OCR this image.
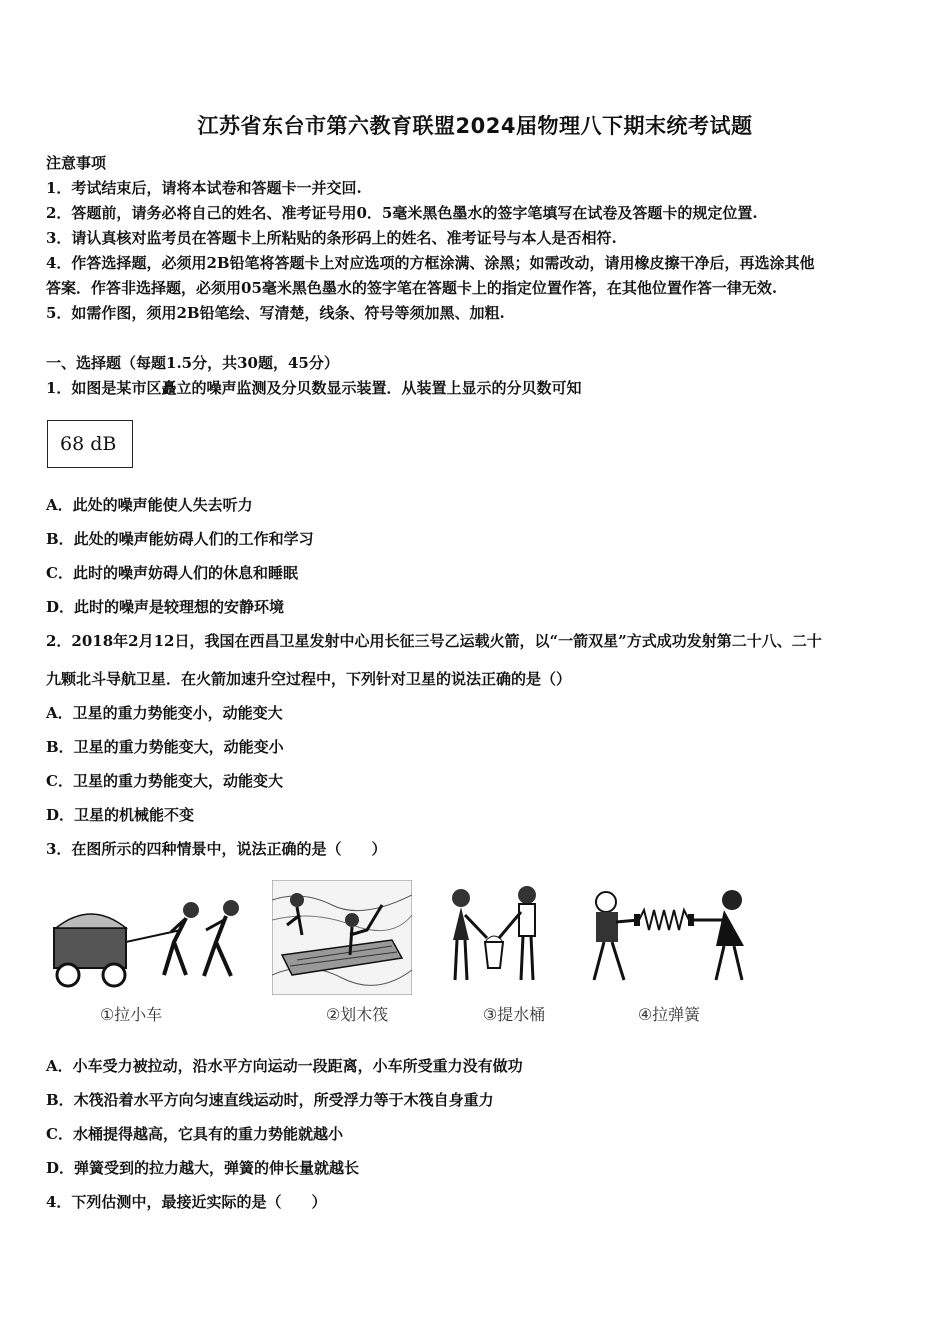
江苏省东台市第六教育联盟2024届物理八下期末统考试题
注意事项
1．考试结束后，请将本试卷和答题卡一并交回.
2．答题前，请务必将自己的姓名、准考证号用0．5毫米黑色墨水的签字笔填写在试卷及答题卡的规定位置.
3．请认真核对监考员在答题卡上所粘贴的条形码上的姓名、准考证号与本人是否相符.
4．作答选择题，必须用2B铅笔将答题卡上对应选项的方框涂满、涂黑；如需改动，请用橡皮擦干净后，再选涂其他
答案．作答非选择题，必须用05毫米黑色墨水的签字笔在答题卡上的指定位置作答，在其他位置作答一律无效.
5．如需作图，须用2B铅笔绘、写清楚，线条、符号等须加黑、加粗.
一、选择题（每题1.5分，共30题，45分）
1．如图是某市区矗立的噪声监测及分贝数显示装置．从装置上显示的分贝数可知
68 dB
A．此处的噪声能使人失去听力
B．此处的噪声能妨碍人们的工作和学习
C．此时的噪声妨碍人们的休息和睡眠
D．此时的噪声是较理想的安静环境
2．2018年2月12日，我国在西昌卫星发射中心用长征三号乙运载火箭，以“一箭双星”方式成功发射第二十八、二十
九颗北斗导航卫星．在火箭加速升空过程中，下列针对卫星的说法正确的是（）
A．卫星的重力势能变小，动能变大
B．卫星的重力势能变大，动能变小
C．卫星的重力势能变大，动能变大
D．卫星的机械能不变
3．在图所示的四种情景中，说法正确的是（　　）
①拉小车	②划木筏	③提水桶	④拉弹簧
A．小车受力被拉动，沿水平方向运动一段距离，小车所受重力没有做功
B．木筏沿着水平方向匀速直线运动时，所受浮力等于木筏自身重力
C．水桶提得越高，它具有的重力势能就越小
D．弹簧受到的拉力越大，弹簧的伸长量就越长
4．下列估测中，最接近实际的是（　　）
